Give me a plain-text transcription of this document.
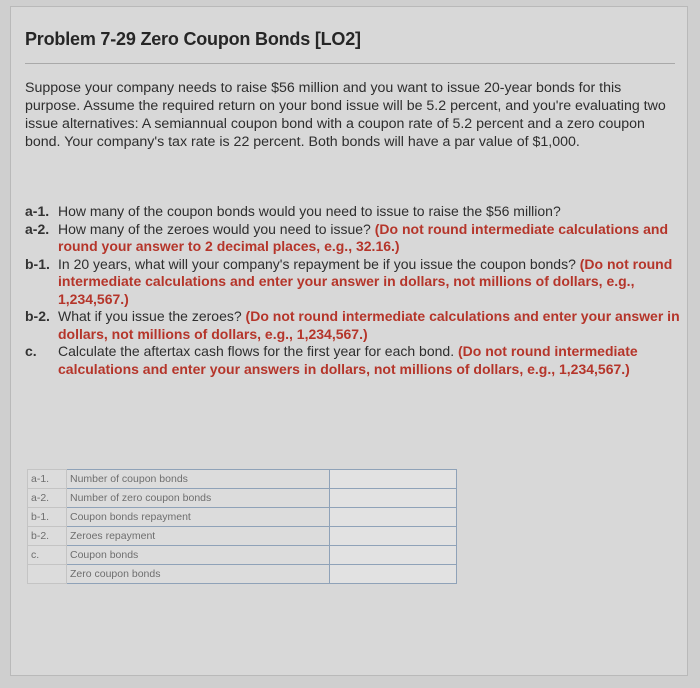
Problem 7-29 Zero Coupon Bonds [LO2]
Suppose your company needs to raise $56 million and you want to issue 20-year bonds for this purpose. Assume the required return on your bond issue will be 5.2 percent, and you're evaluating two issue alternatives: A semiannual coupon bond with a coupon rate of 5.2 percent and a zero coupon bond. Your company's tax rate is 22 percent. Both bonds will have a par value of $1,000.
a-1. How many of the coupon bonds would you need to issue to raise the $56 million?
a-2. How many of the zeroes would you need to issue? (Do not round intermediate calculations and round your answer to 2 decimal places, e.g., 32.16.)
b-1. In 20 years, what will your company's repayment be if you issue the coupon bonds? (Do not round intermediate calculations and enter your answer in dollars, not millions of dollars, e.g., 1,234,567.)
b-2. What if you issue the zeroes? (Do not round intermediate calculations and enter your answer in dollars, not millions of dollars, e.g., 1,234,567.)
c.	Calculate the aftertax cash flows for the first year for each bond. (Do not round intermediate calculations and enter your answers in dollars, not millions of dollars, e.g., 1,234,567.)
a-1.	Number of coupon bonds	
a-2.	Number of zero coupon bonds	
b-1.	Coupon bonds repayment	
b-2.	Zeroes repayment	
c.	Coupon bonds	
	Zero coupon bonds	
